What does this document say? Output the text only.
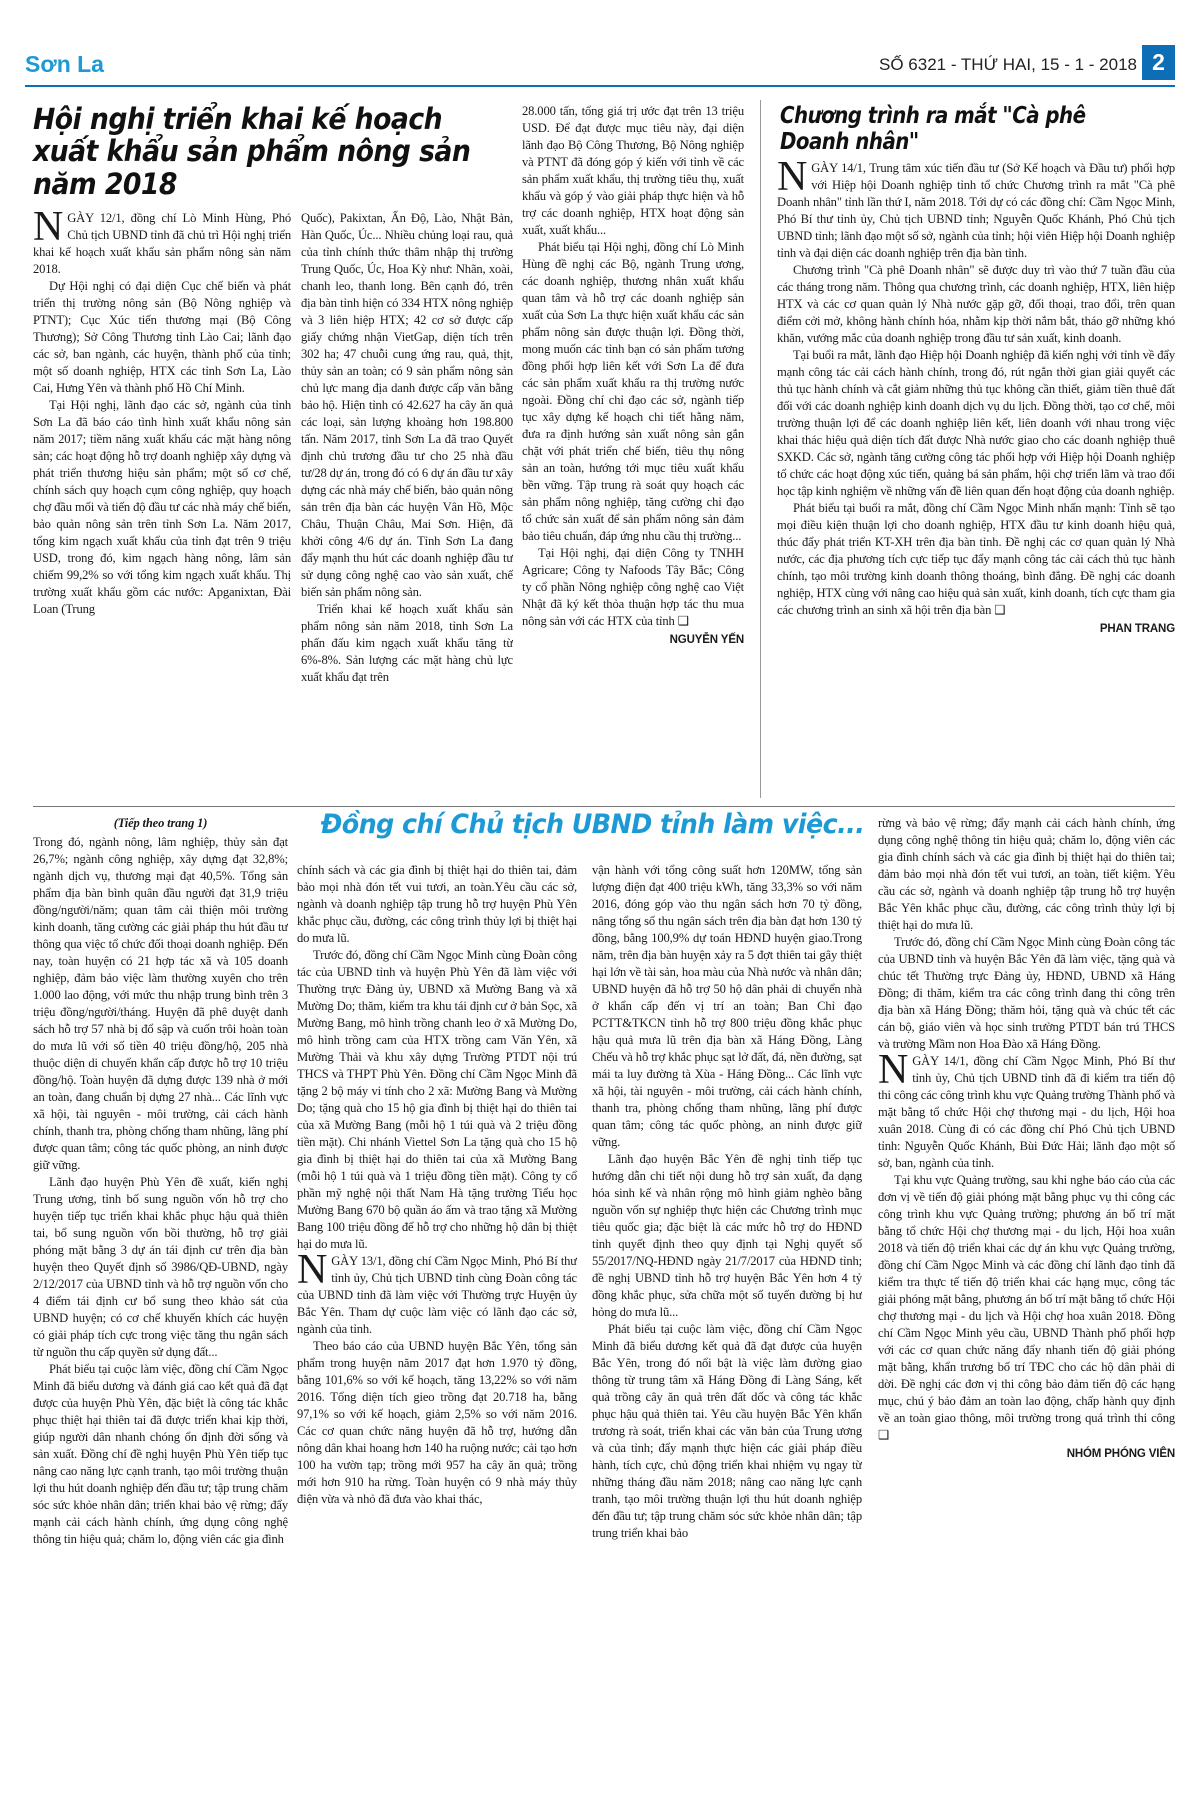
Sơn La	SỐ 6321 - THỨ HAI, 15 - 1 - 2018 2
Hội nghị triển khai kế hoạch xuất khẩu sản phẩm nông sản năm 2018

NGÀY 12/1, đồng chí Lò Minh Hùng, Phó Chủ tịch UBND tỉnh đã chủ trì Hội nghị triển khai kế hoạch xuất khẩu sản phẩm nông sản năm 2018.

Dự Hội nghị có đại diện Cục chế biến và phát triển thị trường nông sản (Bộ Nông nghiệp và PTNT); Cục Xúc tiến thương mại (Bộ Công Thương); Sở Công Thương tỉnh Lào Cai; lãnh đạo các sở, ban ngành, các huyện, thành phố của tỉnh; một số doanh nghiệp, HTX các tỉnh Sơn La, Lào Cai, Hưng Yên và thành phố Hồ Chí Minh.

Tại Hội nghị, lãnh đạo các sở, ngành của tỉnh Sơn La đã báo cáo tình hình xuất khẩu nông sản năm 2017; tiềm năng xuất khẩu các mặt hàng nông sản; các hoạt động hỗ trợ doanh nghiệp xây dựng và phát triển thương hiệu sản phẩm; một số cơ chế, chính sách quy hoạch cụm công nghiệp, quy hoạch chợ đầu mối và tiến độ đầu tư các nhà máy chế biến, bảo quản nông sản trên tỉnh Sơn La. Năm 2017, tổng kim ngạch xuất khẩu của tỉnh đạt trên 9 triệu USD, trong đó, kim ngạch hàng nông, lâm sản chiếm 99,2% so với tổng kim ngạch xuất khẩu. Thị trường xuất khẩu gồm các nước: Apganixtan, Đài Loan (Trung

Quốc), Pakixtan, Ấn Độ, Lào, Nhật Bản, Hàn Quốc, Úc... Nhiều chủng loại rau, quả của tỉnh chính thức thâm nhập thị trường Trung Quốc, Úc, Hoa Kỳ như: Nhãn, xoài, chanh leo, thanh long. Bên cạnh đó, trên địa bàn tỉnh hiện có 334 HTX nông nghiệp và 3 liên hiệp HTX; 42 cơ sở được cấp giấy chứng nhận VietGap, diện tích trên 302 ha; 47 chuỗi cung ứng rau, quả, thịt, thủy sản an toàn; có 9 sản phẩm nông sản chủ lực mang địa danh được cấp văn bằng bảo hộ. Hiện tỉnh có 42.627 ha cây ăn quả các loại, sản lượng khoảng hơn 198.800 tấn. Năm 2017, tỉnh Sơn La đã trao Quyết định chủ trương đầu tư cho 25 nhà đầu tư/28 dự án, trong đó có 6 dự án đầu tư xây dựng các nhà máy chế biến, bảo quản nông sản trên địa bàn các huyện Vân Hồ, Mộc Châu, Thuận Châu, Mai Sơn. Hiện, đã khởi công 4/6 dự án. Tỉnh Sơn La đang đẩy mạnh thu hút các doanh nghiệp đầu tư sử dụng công nghệ cao vào sản xuất, chế biến sản phẩm nông sản.

Triển khai kế hoạch xuất khẩu sản phẩm nông sản năm 2018, tỉnh Sơn La phấn đấu kim ngạch xuất khẩu tăng từ 6%-8%. Sản lượng các mặt hàng chủ lực xuất khẩu đạt trên

28.000 tấn, tổng giá trị ước đạt trên 13 triệu USD. Để đạt được mục tiêu này, đại diện lãnh đạo Bộ Công Thương, Bộ Nông nghiệp và PTNT đã đóng góp ý kiến với tỉnh về các sản phẩm xuất khẩu, thị trường tiêu thụ, xuất khẩu và góp ý vào giải pháp thực hiện và hỗ trợ các doanh nghiệp, HTX hoạt động sản xuất, xuất khẩu...

Phát biểu tại Hội nghị, đồng chí Lò Minh Hùng đề nghị các Bộ, ngành Trung ương, các doanh nghiệp, thương nhân xuất khẩu quan tâm và hỗ trợ các doanh nghiệp sản xuất của Sơn La thực hiện xuất khẩu các sản phẩm nông sản được thuận lợi. Đồng thời, mong muốn các tỉnh bạn có sản phẩm tương đồng phối hợp liên kết với Sơn La để đưa các sản phẩm xuất khẩu ra thị trường nước ngoài. Đồng chí chỉ đạo các sở, ngành tiếp tục xây dựng kế hoạch chi tiết hằng năm, đưa ra định hướng sản xuất nông sản gắn chặt với phát triển chế biến, tiêu thụ nông sản an toàn, hướng tới mục tiêu xuất khẩu bền vững. Tập trung rà soát quy hoạch các sản phẩm nông nghiệp, tăng cường chỉ đạo tổ chức sản xuất để sản phẩm nông sản đảm bảo tiêu chuẩn, đáp ứng nhu cầu thị trường...

Tại Hội nghị, đại diện Công ty TNHH Agricare; Công ty Nafoods Tây Bắc; Công ty cổ phần Nông nghiệp công nghệ cao Việt Nhật đã ký kết thỏa thuận hợp tác thu mua nông sản với các HTX của tỉnh ❑

NGUYỄN YẾN
Chương trình ra mắt "Cà phê Doanh nhân"

NGÀY 14/1, Trung tâm xúc tiến đầu tư (Sở Kế hoạch và Đầu tư) phối hợp với Hiệp hội Doanh nghiệp tỉnh tổ chức Chương trình ra mắt "Cà phê Doanh nhân" tỉnh lần thứ I, năm 2018. Tới dự có các đồng chí: Cầm Ngọc Minh, Phó Bí thư tỉnh ủy, Chủ tịch UBND tỉnh; Nguyễn Quốc Khánh, Phó Chủ tịch UBND tỉnh; lãnh đạo một số sở, ngành của tỉnh; hội viên Hiệp hội Doanh nghiệp tỉnh và đại diện các doanh nghiệp trên địa bàn tỉnh.

Chương trình "Cà phê Doanh nhân" sẽ được duy trì vào thứ 7 tuần đầu của các tháng trong năm. Thông qua chương trình, các doanh nghiệp, HTX, liên hiệp HTX và các cơ quan quản lý Nhà nước gặp gỡ, đối thoại, trao đổi, trên quan điểm cởi mở, không hành chính hóa, nhằm kịp thời nắm bắt, tháo gỡ những khó khăn, vướng mắc của doanh nghiệp trong đầu tư sản xuất, kinh doanh.

Tại buổi ra mắt, lãnh đạo Hiệp hội Doanh nghiệp đã kiến nghị với tỉnh về đẩy mạnh công tác cải cách hành chính, trong đó, rút ngắn thời gian giải quyết các thủ tục hành chính và cắt giảm những thủ tục không cần thiết, giảm tiền thuê đất đối với các doanh nghiệp kinh doanh dịch vụ du lịch. Đồng thời, tạo cơ chế, môi trường thuận lợi để các doanh nghiệp liên kết, liên doanh với nhau trong việc khai thác hiệu quả diện tích đất được Nhà nước giao cho các doanh nghiệp thuê SXKD. Các sở, ngành tăng cường công tác phối hợp với Hiệp hội Doanh nghiệp tổ chức các hoạt động xúc tiến, quảng bá sản phẩm, hội chợ triển lãm và trao đổi học tập kinh nghiệm về những vấn đề liên quan đến hoạt động của doanh nghiệp.

Phát biểu tại buổi ra mắt, đồng chí Cầm Ngọc Minh nhấn mạnh: Tỉnh sẽ tạo mọi điều kiện thuận lợi cho doanh nghiệp, HTX đầu tư kinh doanh hiệu quả, thúc đẩy phát triển KT-XH trên địa bàn tỉnh. Đề nghị các cơ quan quản lý Nhà nước, các địa phương tích cực tiếp tục đẩy mạnh công tác cải cách thủ tục hành chính, tạo môi trường kinh doanh thông thoáng, bình đẳng. Đề nghị các doanh nghiệp, HTX cùng với nâng cao hiệu quả sản xuất, kinh doanh, tích cực tham gia các chương trình an sinh xã hội trên địa bàn ❑

PHAN TRANG
(Tiếp theo trang 1)

Trong đó, ngành nông, lâm nghiệp, thủy sản đạt 26,7%; ngành công nghiệp, xây dựng đạt 32,8%; ngành dịch vụ, thương mại đạt 40,5%. Tổng sản phẩm địa bàn bình quân đầu người đạt 31,9 triệu đồng/người/năm; quan tâm cải thiện môi trường kinh doanh, tăng cường các giải pháp thu hút đầu tư thông qua việc tổ chức đối thoại doanh nghiệp. Đến nay, toàn huyện có 21 hợp tác xã và 105 doanh nghiệp, đảm bảo việc làm thường xuyên cho trên 1.000 lao động, với mức thu nhập trung bình trên 3 triệu đồng/người/tháng. Huyện đã phê duyệt danh sách hỗ trợ 57 nhà bị đổ sập và cuốn trôi hoàn toàn do mưa lũ với số tiền 40 triệu đồng/hộ, 205 nhà thuộc diện di chuyển khẩn cấp được hỗ trợ 10 triệu đồng/hộ. Toàn huyện đã dựng được 139 nhà ở mới an toàn, đang chuẩn bị dựng 27 nhà... Các lĩnh vực xã hội, tài nguyên - môi trường, cải cách hành chính, thanh tra, phòng chống tham nhũng, lãng phí được quan tâm; công tác quốc phòng, an ninh được giữ vững.

Lãnh đạo huyện Phù Yên đề xuất, kiến nghị Trung ương, tỉnh bố sung nguồn vốn hỗ trợ cho huyện tiếp tục triển khai khắc phục hậu quả thiên tai, bổ sung nguồn vốn bồi thường, hỗ trợ giải phóng mặt bằng 3 dự án tái định cư trên địa bàn huyện theo Quyết định số 3986/QĐ-UBND, ngày 2/12/2017 của UBND tỉnh và hỗ trợ nguồn vốn cho 4 điểm tái định cư bổ sung theo khảo sát của UBND huyện; có cơ chế khuyến khích các huyện có giải pháp tích cực trong việc tăng thu ngân sách từ nguồn thu cấp quyền sử dụng đất...

Phát biểu tại cuộc làm việc, đồng chí Cầm Ngọc Minh đã biểu dương và đánh giá cao kết quả đã đạt được của huyện Phù Yên, đặc biệt là công tác khắc phục thiệt hại thiên tai đã được triển khai kịp thời, giúp người dân nhanh chóng ổn định đời sống và sản xuất. Đồng chí đề nghị huyện Phù Yên tiếp tục nâng cao năng lực cạnh tranh, tạo môi trường thuận lợi thu hút doanh nghiệp đến đầu tư; tập trung chăm sóc sức khỏe nhân dân; triển khai bảo vệ rừng; đẩy mạnh cải cách hành chính, ứng dụng công nghệ thông tin hiệu quả; chăm lo, động viên các gia đình

Đồng chí Chủ tịch UBND tỉnh làm việc...

chính sách và các gia đình bị thiệt hại do thiên tai, đảm bảo mọi nhà đón tết vui tươi, an toàn.Yêu cầu các sở, ngành và doanh nghiệp tập trung hỗ trợ huyện Phù Yên khắc phục cầu, đường, các công trình thủy lợi bị thiệt hại do mưa lũ.

Trước đó, đồng chí Cầm Ngọc Minh cùng Đoàn công tác của UBND tỉnh và huyện Phù Yên đã làm việc với Thường trực Đảng ủy, UBND xã Mường Bang và xã Mường Do; thăm, kiểm tra khu tái định cư ở bản Sọc, xã Mường Bang, mô hình trồng chanh leo ở xã Mường Do, mô hình trồng cam của HTX trồng cam Văn Yên, xã Mường Thải và khu xây dựng Trường PTDT nội trú THCS và THPT Phù Yên. Đồng chí Cầm Ngọc Minh đã tặng 2 bộ máy vi tính cho 2 xã: Mường Bang và Mường Do; tặng quà cho 15 hộ gia đình bị thiệt hại do thiên tai của xã Mường Bang (mỗi hộ 1 túi quà và 2 triệu đồng tiền mặt). Chi nhánh Viettel Sơn La tặng quà cho 15 hộ gia đình bị thiệt hại do thiên tai của xã Mường Bang (mỗi hộ 1 túi quà và 1 triệu đồng tiền mặt). Công ty cổ phần mỹ nghệ nội thất Nam Hà tặng trường Tiểu học Mường Bang 670 bộ quần áo ấm và trao tặng xã Mường Bang 100 triệu đồng để hỗ trợ cho những hộ dân bị thiệt hại do mưa lũ.

NGÀY 13/1, đồng chí Cầm Ngọc Minh, Phó Bí thư tỉnh ủy, Chủ tịch UBND tỉnh cùng Đoàn công tác của UBND tỉnh đã làm việc với Thường trực Huyện ủy Bắc Yên. Tham dự cuộc làm việc có lãnh đạo các sở, ngành của tỉnh.

Theo báo cáo của UBND huyện Bắc Yên, tổng sản phẩm trong huyện năm 2017 đạt hơn 1.970 tỷ đồng, bằng 101,6% so với kế hoạch, tăng 13,22% so với năm 2016. Tổng diện tích gieo trồng đạt 20.718 ha, bằng 97,1% so với kế hoạch, giảm 2,5% so với năm 2016. Các cơ quan chức năng huyện đã hỗ trợ, hướng dẫn nông dân khai hoang hơn 140 ha ruộng nước; cải tạo hơn 100 ha vườn tạp; trồng mới 957 ha cây ăn quả; trồng mới hơn 910 ha rừng. Toàn huyện có 9 nhà máy thủy điện vừa và nhỏ đã đưa vào khai thác,

vận hành với tổng công suất hơn 120MW, tổng sản lượng điện đạt 400 triệu kWh, tăng 33,3% so với năm 2016, đóng góp vào thu ngân sách hơn 70 tỷ đồng, nâng tổng số thu ngân sách trên địa bàn đạt hơn 130 tỷ đồng, bằng 100,9% dự toán HĐND huyện giao.Trong năm, trên địa bàn huyện xảy ra 5 đợt thiên tai gây thiệt hại lớn về tài sản, hoa màu của Nhà nước và nhân dân; UBND huyện đã hỗ trợ 50 hộ dân phải di chuyển nhà ở khẩn cấp đến vị trí an toàn; Ban Chỉ đạo PCTT&TKCN tỉnh hỗ trợ 800 triệu đồng khắc phục hậu quả mưa lũ trên địa bàn xã Háng Đồng, Làng Chếu và hỗ trợ khắc phục sạt lở đất, đá, nền đường, sạt mái ta luy đường tà Xùa - Háng Đồng... Các lĩnh vực xã hội, tài nguyên - môi trường, cải cách hành chính, thanh tra, phòng chống tham nhũng, lãng phí được quan tâm; công tác quốc phòng, an ninh được giữ vững.

Lãnh đạo huyện Bắc Yên đề nghị tỉnh tiếp tục hướng dẫn chi tiết nội dung hỗ trợ sản xuất, đa dạng hóa sinh kế và nhân rộng mô hình giảm nghèo bằng nguồn vốn sự nghiệp thực hiện các Chương trình mục tiêu quốc gia; đặc biệt là các mức hỗ trợ do HĐND tỉnh quyết định theo quy định tại Nghị quyết số 55/2017/NQ-HĐND ngày 21/7/2017 của HĐND tỉnh; đề nghị UBND tỉnh hỗ trợ huyện Bắc Yên hơn 4 tỷ đồng khắc phục, sửa chữa một số tuyến đường bị hư hỏng do mưa lũ...

Phát biểu tại cuộc làm việc, đồng chí Cầm Ngọc Minh đã biểu dương kết quả đã đạt được của huyện Bắc Yên, trong đó nổi bật là việc làm đường giao thông từ trung tâm xã Háng Đồng đi Làng Sáng, kết quả trồng cây ăn quả trên đất dốc và công tác khắc phục hậu quả thiên tai. Yêu cầu huyện Bắc Yên khẩn trương rà soát, triển khai các văn bản của Trung ương và của tỉnh; đẩy mạnh thực hiện các giải pháp điều hành, tích cực, chủ động triển khai nhiệm vụ ngay từ những tháng đầu năm 2018; nâng cao năng lực cạnh tranh, tạo môi trường thuận lợi thu hút doanh nghiệp đến đầu tư; tập trung chăm sóc sức khỏe nhân dân; tập trung triển khai bảo

rừng và bảo vệ rừng; đẩy mạnh cải cách hành chính, ứng dụng công nghệ thông tin hiệu quả; chăm lo, động viên các gia đình chính sách và các gia đình bị thiệt hại do thiên tai; đảm bảo mọi nhà đón tết vui tươi, an toàn, tiết kiệm. Yêu cầu các sở, ngành và doanh nghiệp tập trung hỗ trợ huyện Bắc Yên khắc phục cầu, đường, các công trình thủy lợi bị thiệt hại do mưa lũ.

Trước đó, đồng chí Cầm Ngọc Minh cùng Đoàn công tác của UBND tỉnh và huyện Bắc Yên đã làm việc, tặng quà và chúc tết Thường trực Đảng ủy, HĐND, UBND xã Háng Đồng; đi thăm, kiểm tra các công trình đang thi công trên địa bàn xã Háng Đồng; thăm hỏi, tặng quà và chúc tết các cán bộ, giáo viên và học sinh trường PTDT bán trú THCS và trường Mầm non Hoa Đào xã Háng Đồng.

NGÀY 14/1, đồng chí Cầm Ngọc Minh, Phó Bí thư tỉnh ủy, Chủ tịch UBND tỉnh đã đi kiểm tra tiến độ thi công các công trình khu vực Quảng trường Thành phố và mặt bằng tổ chức Hội chợ thương mại - du lịch, Hội hoa xuân 2018. Cùng đi có các đồng chí Phó Chủ tịch UBND tỉnh: Nguyễn Quốc Khánh, Bùi Đức Hải; lãnh đạo một số sở, ban, ngành của tỉnh.

Tại khu vực Quảng trường, sau khi nghe báo cáo của các đơn vị về tiến độ giải phóng mặt bằng phục vụ thi công các công trình khu vực Quảng trường; phương án bố trí mặt bằng tổ chức Hội chợ thương mại - du lịch, Hội hoa xuân 2018 và tiến độ triển khai các dự án khu vực Quảng trường, đồng chí Cầm Ngọc Minh và các đồng chí lãnh đạo tỉnh đã kiểm tra thực tế tiến độ triển khai các hạng mục, công tác giải phóng mặt bằng, phương án bố trí mặt bằng tổ chức Hội chợ thương mại - du lịch và Hội chợ hoa xuân 2018. Đồng chí Cầm Ngọc Minh yêu cầu, UBND Thành phố phối hợp với các cơ quan chức năng đẩy nhanh tiến độ giải phóng mặt bằng, khẩn trương bố trí TĐC cho các hộ dân phải di dời. Đề nghị các đơn vị thi công bảo đảm tiến độ các hạng mục, chú ý bảo đảm an toàn lao động, chấp hành quy định về an toàn giao thông, môi trường trong quá trình thi công ❑

NHÓM PHÓNG VIÊN
